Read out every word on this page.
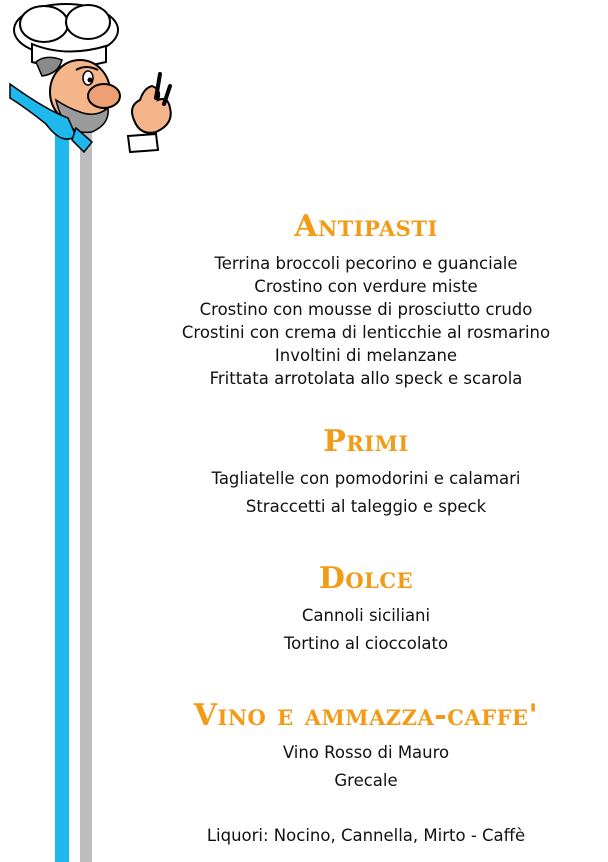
Antipasti
Terrina broccoli pecorino e guanciale
Crostino con verdure miste
Crostino con mousse di prosciutto crudo
Crostini con crema di lenticchie al rosmarino
Involtini di melanzane
Frittata arrotolata allo speck e scarola
Primi
Tagliatelle con pomodorini e calamari
Straccetti al taleggio e speck
Dolce
Cannoli siciliani
Tortino al cioccolato
Vino e ammazza-caffe'
Vino Rosso di Mauro
Grecale
Liquori: Nocino, Cannella, Mirto - Caffè
